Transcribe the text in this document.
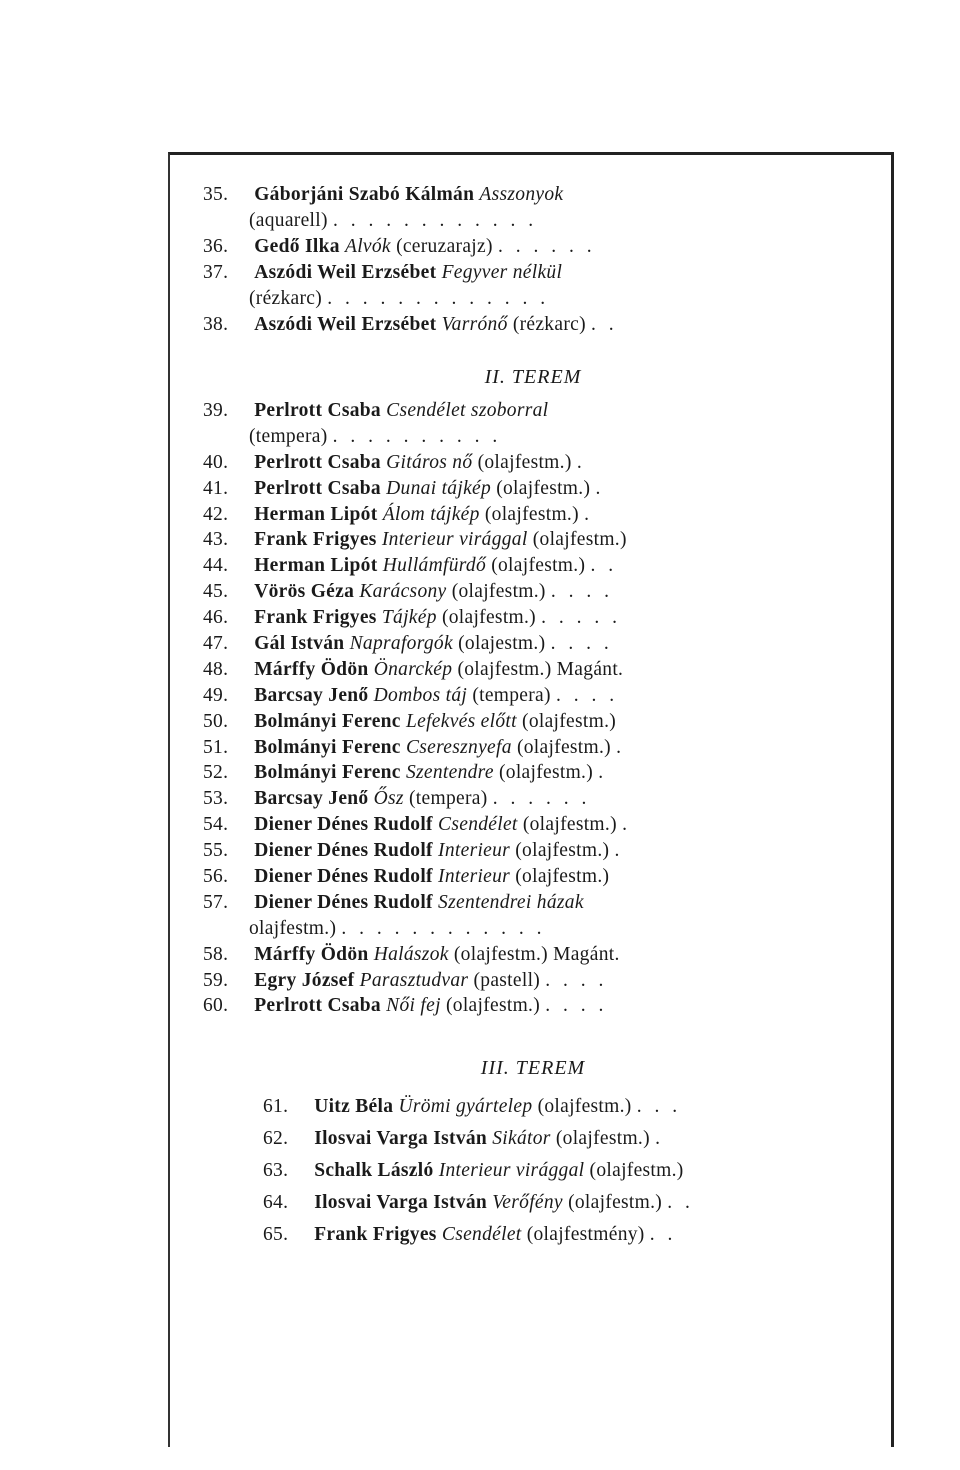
35. Gáborjáni Szabó Kálmán Asszonyok
(aquarell) . . . . . . . . . . . .
36. Gedő Ilka Alvók (ceruzarajz) . . . . . .
37. Aszódi Weil Erzsébet Fegyver nélkül
(rézkarc) . . . . . . . . . . . . .
38. Aszódi Weil Erzsébet Varrónő (rézkarc) . .
II. TEREM
39. Perlrott Csaba Csendélet szoborral
(tempera) . . . . . . . . . .
40. Perlrott Csaba Gitáros nő (olajfestm.) .
41. Perlrott Csaba Dunai tájkép (olajfestm.) .
42. Herman Lipót Álom tájkép (olajfestm.) .
43. Frank Frigyes Interieur virággal (olajfestm.)
44. Herman Lipót Hullámfürdő (olajfestm.) . .
45. Vörös Géza Karácsony (olajfestm.) . . . .
46. Frank Frigyes Tájkép (olajfestm.) . . . . .
47. Gál István Napraforgók (olajestm.) . . . .
48. Márffy Ödön Önarckép (olajfestm.) Magánt.
49. Barcsay Jenő Dombos táj (tempera) . . . .
50. Bolmányi Ferenc Lefekvés előtt (olajfestm.)
51. Bolmányi Ferenc Cseresznyefa (olajfestm.) .
52. Bolmányi Ferenc Szentendre (olajfestm.) .
53. Barcsay Jenő Ősz (tempera) . . . . . .
54. Diener Dénes Rudolf Csendélet (olajfestm.) .
55. Diener Dénes Rudolf Interieur (olajfestm.) .
56. Diener Dénes Rudolf Interieur (olajfestm.)
57. Diener Dénes Rudolf Szentendrei házak
olajfestm.) . . . . . . . . . . . .
58. Márffy Ödön Halászok (olajfestm.) Magánt.
59. Egry József Parasztudvar (pastell) . . . .
60. Perlrott Csaba Női fej (olajfestm.) . . . .
III. TEREM
61. Uitz Béla Ürömi gyártelep (olajfestm.) . . .
62. Ilosvai Varga István Sikátor (olajfestm.) .
63. Schalk László Interieur virággal (olajfestm.)
64. Ilosvai Varga István Verőfény (olajfestm.) . .
65. Frank Frigyes Csendélet (olajfestmény) . .
